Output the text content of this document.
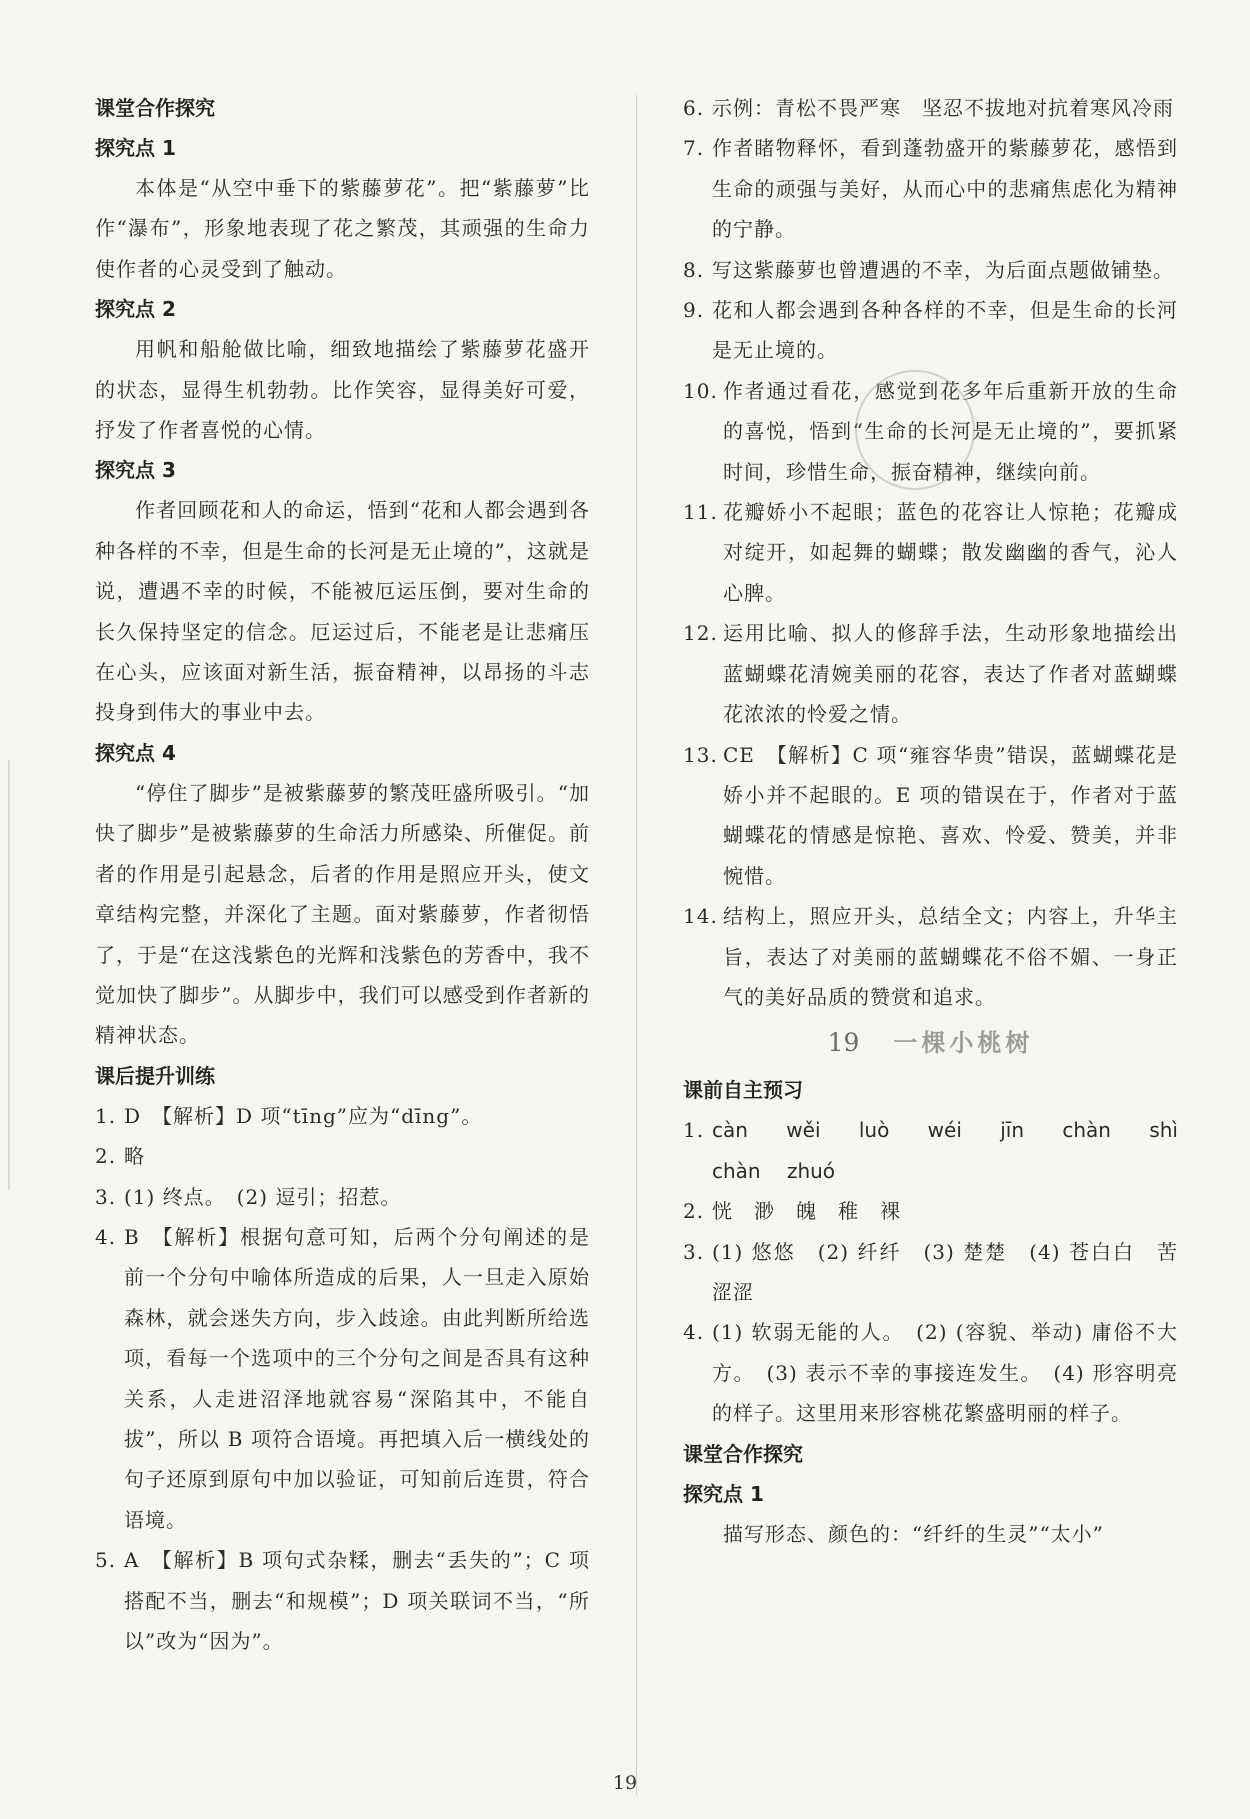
课堂合作探究
探究点 1
本体是“从空中垂下的紫藤萝花”。把“紫藤萝”比作“瀑布”，形象地表现了花之繁茂，其顽强的生命力使作者的心灵受到了触动。
探究点 2
用帆和船舱做比喻，细致地描绘了紫藤萝花盛开的状态，显得生机勃勃。比作笑容，显得美好可爱，抒发了作者喜悦的心情。
探究点 3
作者回顾花和人的命运，悟到“花和人都会遇到各种各样的不幸，但是生命的长河是无止境的”，这就是说，遭遇不幸的时候，不能被厄运压倒，要对生命的长久保持坚定的信念。厄运过后，不能老是让悲痛压在心头，应该面对新生活，振奋精神，以昂扬的斗志投身到伟大的事业中去。
探究点 4
“停住了脚步”是被紫藤萝的繁茂旺盛所吸引。“加快了脚步”是被紫藤萝的生命活力所感染、所催促。前者的作用是引起悬念，后者的作用是照应开头，使文章结构完整，并深化了主题。面对紫藤萝，作者彻悟了，于是“在这浅紫色的光辉和浅紫色的芳香中，我不觉加快了脚步”。从脚步中，我们可以感受到作者新的精神状态。
课后提升训练
1. D　【解析】D 项“tīng”应为“dīng”。
2. 略
3. (1) 终点。　(2) 逗引；招惹。
4. B　【解析】根据句意可知，后两个分句阐述的是前一个分句中喻体所造成的后果，人一旦走入原始森林，就会迷失方向，步入歧途。由此判断所给选项，看每一个选项中的三个分句之间是否具有这种关系，人走进沼泽地就容易“深陷其中，不能自拔”，所以 B 项符合语境。再把填入后一横线处的句子还原到原句中加以验证，可知前后连贯，符合语境。
5. A　【解析】B 项句式杂糅，删去“丢失的”；C 项搭配不当，删去“和规模”；D 项关联词不当，“所以”改为“因为”。
6. 示例：青松不畏严寒　坚忍不拔地对抗着寒风冷雨
7. 作者睹物释怀，看到蓬勃盛开的紫藤萝花，感悟到生命的顽强与美好，从而心中的悲痛焦虑化为精神的宁静。
8. 写这紫藤萝也曾遭遇的不幸，为后面点题做铺垫。
9. 花和人都会遇到各种各样的不幸，但是生命的长河是无止境的。
10. 作者通过看花，感觉到花多年后重新开放的生命的喜悦，悟到“生命的长河是无止境的”，要抓紧时间，珍惜生命，振奋精神，继续向前。
11. 花瓣娇小不起眼；蓝色的花容让人惊艳；花瓣成对绽开，如起舞的蝴蝶；散发幽幽的香气，沁人心脾。
12. 运用比喻、拟人的修辞手法，生动形象地描绘出蓝蝴蝶花清婉美丽的花容，表达了作者对蓝蝴蝶花浓浓的怜爱之情。
13. CE　【解析】C 项“雍容华贵”错误，蓝蝴蝶花是娇小并不起眼的。E 项的错误在于，作者对于蓝蝴蝶花的情感是惊艳、喜欢、怜爱、赞美，并非惋惜。
14. 结构上，照应开头，总结全文；内容上，升华主旨，表达了对美丽的蓝蝴蝶花不俗不媚、一身正气的美好品质的赞赏和追求。
19 一棵小桃树
课前自主预习
1. càn wěi luò wéi jīn chàn shì chàn zhuó
2. 恍　渺　魄　稚　裸
3. (1) 悠悠　(2) 纤纤　(3) 楚楚　(4) 苍白白　苦涩涩
4. (1) 软弱无能的人。　(2) (容貌、举动) 庸俗不大方。　(3) 表示不幸的事接连发生。　(4) 形容明亮的样子。这里用来形容桃花繁盛明丽的样子。
课堂合作探究
探究点 1
描写形态、颜色的：“纤纤的生灵”“太小”

19
